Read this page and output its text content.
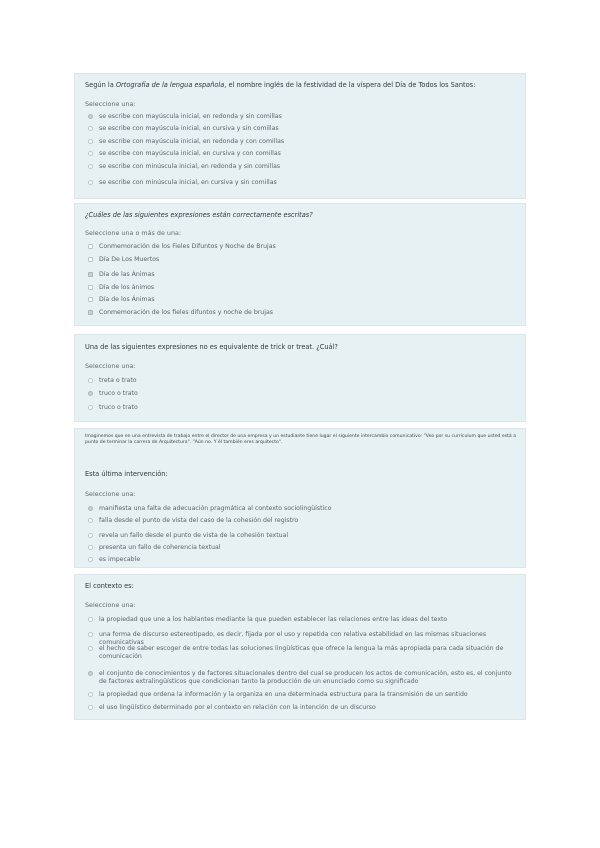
Según la Ortografía de la lengua española, el nombre inglés de la festividad de la víspera del Día de Todos los Santos:
Seleccione una:
se escribe con mayúscula inicial, en redonda y sin comillas
se escribe con mayúscula inicial, en cursiva y sin comillas
se escribe con mayúscula inicial, en redonda y con comillas
se escribe con mayúscula inicial, en cursiva y con comillas
se escribe con minúscula inicial, en redonda y sin comillas
se escribe con minúscula inicial, en cursiva y sin comillas
¿Cuáles de las siguientes expresiones están correctamente escritas?
Seleccione una o más de una:
Conmemoración de los Fieles Difuntos y Noche de Brujas
Día De Los Muertos
Día de las Ánimas
Día de los ánimos
Día de los Ánimas
Conmemoración de los fieles difuntos y noche de brujas
Una de las siguientes expresiones no es equivalente de trick or treat. ¿Cuál?
Seleccione una:
treta o trato
truco o trato
truco o trato
Imaginemos que en una entrevista de trabajo entre el director de una empresa y un estudiante tiene lugar el siguiente intercambio comunicativo: "Veo por su currículum que usted está a punto de terminar la carrera de Arquitectura". "Aún no. Y él también eres arquitecto".
Esta última intervención:
Seleccione una:
manifiesta una falta de adecuación pragmática al contexto sociolingüístico
falla desde el punto de vista del caso de la cohesión del registro
revela un fallo desde el punto de vista de la cohesión textual
presenta un fallo de coherencia textual
es impecable
El contexto es:
Seleccione una:
la propiedad que une a los hablantes mediante la que pueden establecer las relaciones entre las ideas del texto
una forma de discurso estereotipado, es decir, fijada por el uso y repetida con relativa estabilidad en las mismas situaciones comunicativas
el hecho de saber escoger de entre todas las soluciones lingüísticas que ofrece la lengua la más apropiada para cada situación de comunicación
el conjunto de conocimientos y de factores situacionales dentro del cual se producen los actos de comunicación, esto es, el conjunto de factores extralingüísticos que condicionan tanto la producción de un enunciado como su significado
la propiedad que ordena la información y la organiza en una determinada estructura para la transmisión de un sentido
el uso lingüístico determinado por el contexto en relación con la intención de un discurso
